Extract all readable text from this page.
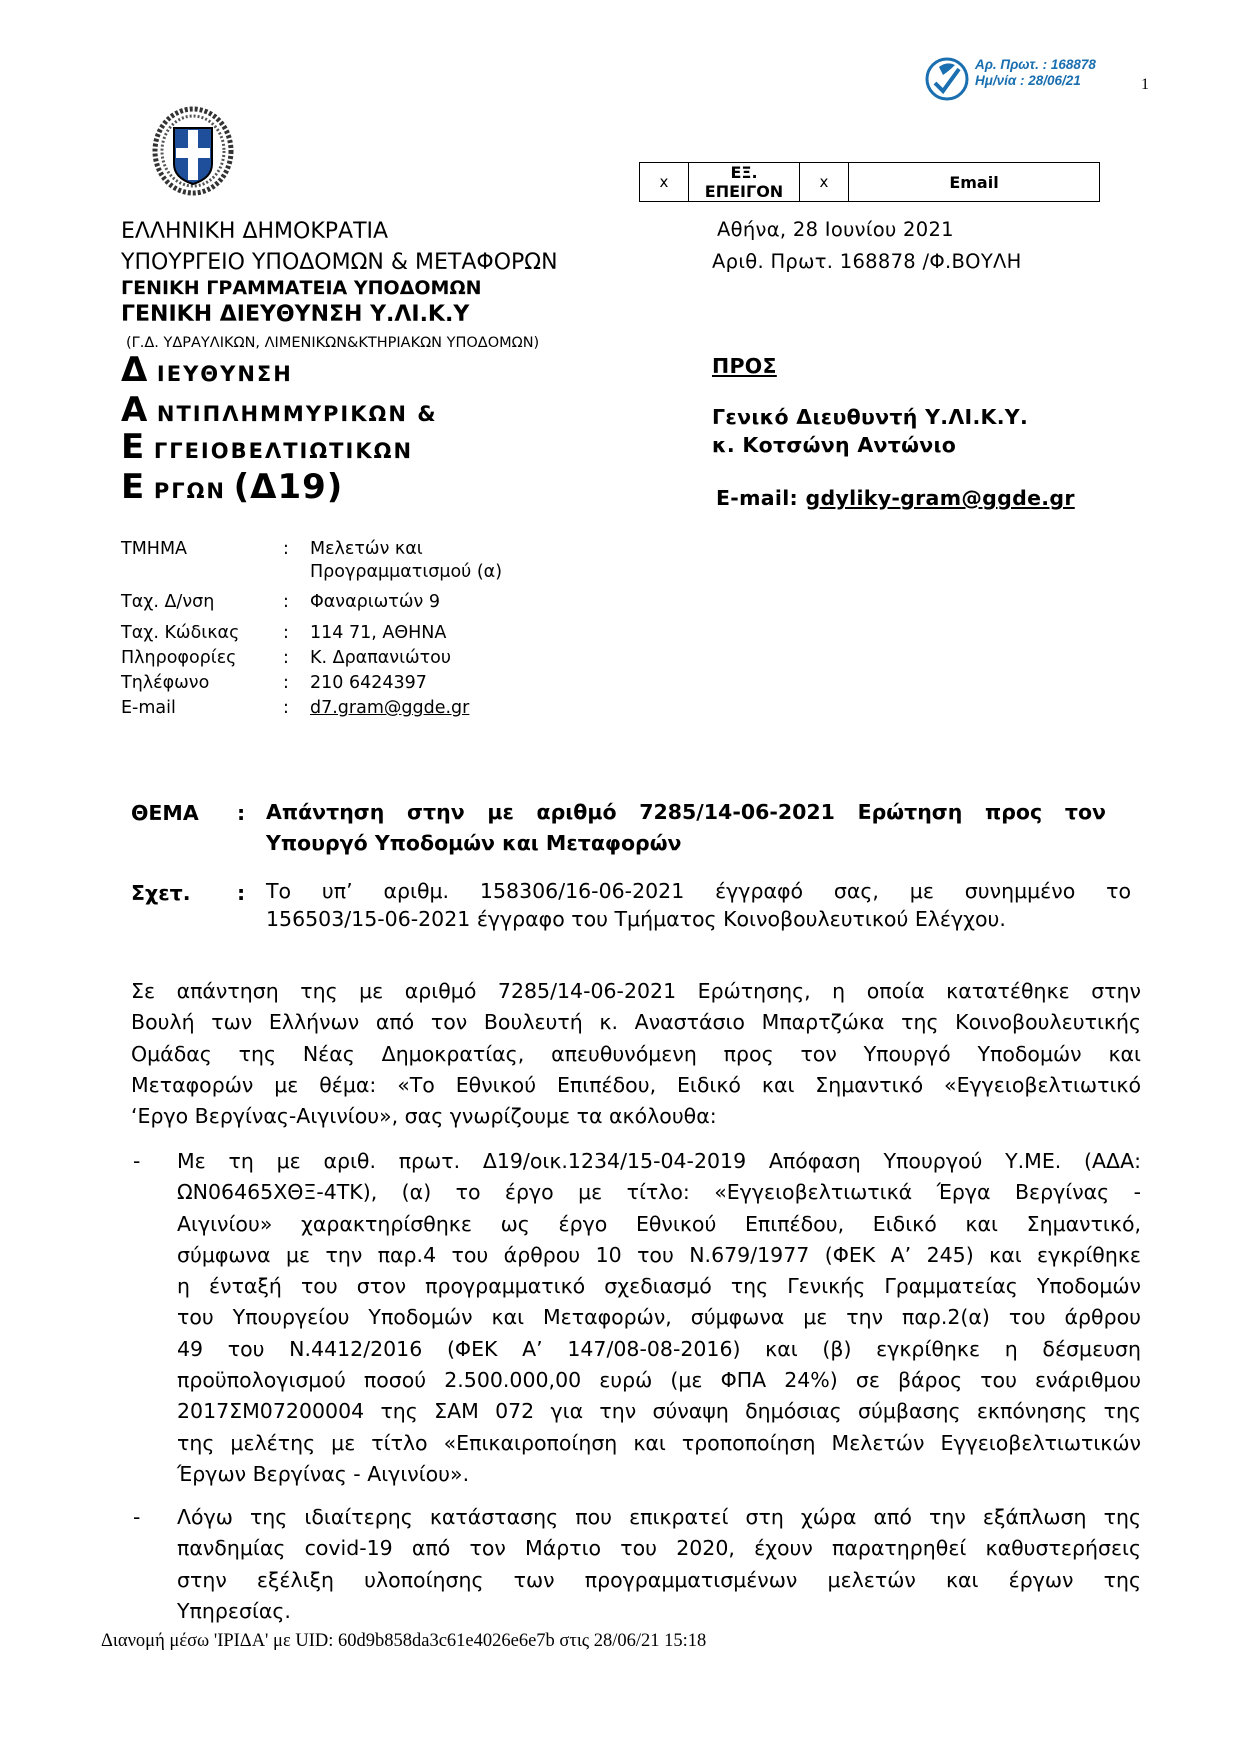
Αρ. Πρωτ. : 168878
Ημ/νία : 28/06/21	1
x	ΕΞ. ΕΠΕΙΓΟΝ	x	Email
ΕΛΛΗΝΙΚΗ ΔΗΜΟΚΡΑΤΙΑ
ΥΠΟΥΡΓΕΙΟ ΥΠΟΔΟΜΩΝ & ΜΕΤΑΦΟΡΩΝ
ΓΕΝΙΚΗ ΓΡΑΜΜΑΤΕΙΑ ΥΠΟΔΟΜΩΝ
ΓΕΝΙΚΗ ΔΙΕΥΘΥΝΣΗ Υ.ΛΙ.Κ.Υ
(Γ.Δ. ΥΔΡΑΥΛΙΚΩΝ, ΛΙΜΕΝΙΚΩΝ&ΚΤΗΡΙΑΚΩΝ ΥΠΟΔΟΜΩΝ)
Δ ΙΕΥΘΥΝΣΗ
Α ΝΤΙΠΛΗΜΜΥΡΙΚΩΝ &
Ε ΓΓΕΙΟΒΕΛΤΙΩΤΙΚΩΝ
Ε ΡΓΩΝ (Δ19)
Αθήνα, 28 Ιουνίου 2021
Αριθ. Πρωτ. 168878 /Φ.ΒΟΥΛΗ
ΠΡΟΣ
Γενικό Διευθυντή Υ.ΛΙ.Κ.Υ.
κ. Κοτσώνη Αντώνιο
E-mail: gdyliky-gram@ggde.gr
ΤΜΗΜΑ	: Μελετών και
Προγραμματισμού (α)
Ταχ. Δ/νση	: Φαναριωτών 9
Ταχ. Κώδικας : 114 71, ΑΘΗΝΑ
Πληροφορίες	: Κ. Δραπανιώτου
Τηλέφωνο	: 210 6424397
E-mail	: d7.gram@ggde.gr
ΘΕΜΑ : Απάντηση στην με αριθμό 7285/14-06-2021 Ερώτηση προς τον
Υπουργό Υποδομών και Μεταφορών
Σχετ. : Το υπ’ αριθμ. 158306/16-06-2021 έγγραφό σας, με συνημμένο το
156503/15-06-2021 έγγραφο του Τμήματος Κοινοβουλευτικού Ελέγχου.
Σε απάντηση της με αριθμό 7285/14-06-2021 Ερώτησης, η οποία κατατέθηκε στην
Βουλή των Ελλήνων από τον Βουλευτή κ. Αναστάσιο Μπαρτζώκα της Κοινοβουλευτικής
Ομάδας της Νέας Δημοκρατίας, απευθυνόμενη προς τον Υπουργό Υποδομών και
Μεταφορών με θέμα: «Το Εθνικού Επιπέδου, Ειδικό και Σημαντικό «Εγγειοβελτιωτικό
‘Εργο Βεργίνας-Αιγινίου», σας γνωρίζουμε τα ακόλουθα:
- Με τη με αριθ. πρωτ. Δ19/οικ.1234/15-04-2019 Απόφαση Υπουργού Υ.ΜΕ. (ΑΔΑ:
ΩΝ06465ΧΘΞ-4ΤΚ), (α) το έργο με τίτλο: «Εγγειοβελτιωτικά Έργα Βεργίνας -
Αιγινίου» χαρακτηρίσθηκε ως έργο Εθνικού Επιπέδου, Ειδικό και Σημαντικό,
σύμφωνα με την παρ.4 του άρθρου 10 του Ν.679/1977 (ΦΕΚ Α’ 245) και εγκρίθηκε
η ένταξή του στον προγραμματικό σχεδιασμό της Γενικής Γραμματείας Υποδομών
του Υπουργείου Υποδομών και Μεταφορών, σύμφωνα με την παρ.2(α) του άρθρου
49 του Ν.4412/2016 (ΦΕΚ Α’ 147/08-08-2016) και (β) εγκρίθηκε η δέσμευση
προϋπολογισμού ποσού 2.500.000,00 ευρώ (με ΦΠΑ 24%) σε βάρος του ενάριθμου
2017ΣΜ07200004 της ΣΑΜ 072 για την σύναψη δημόσιας σύμβασης εκπόνησης της
της μελέτης με τίτλο «Επικαιροποίηση και τροποποίηση Μελετών Εγγειοβελτιωτικών
Έργων Βεργίνας - Αιγινίου».
- Λόγω της ιδιαίτερης κατάστασης που επικρατεί στη χώρα από την εξάπλωση της
πανδημίας covid-19 από τον Μάρτιο του 2020, έχουν παρατηρηθεί καθυστερήσεις
στην εξέλιξη υλοποίησης των προγραμματισμένων μελετών και έργων της
Υπηρεσίας.
Διανομή μέσω 'ΙΡΙΔΑ' με UID: 60d9b858da3c61e4026e6e7b στις 28/06/21 15:18
